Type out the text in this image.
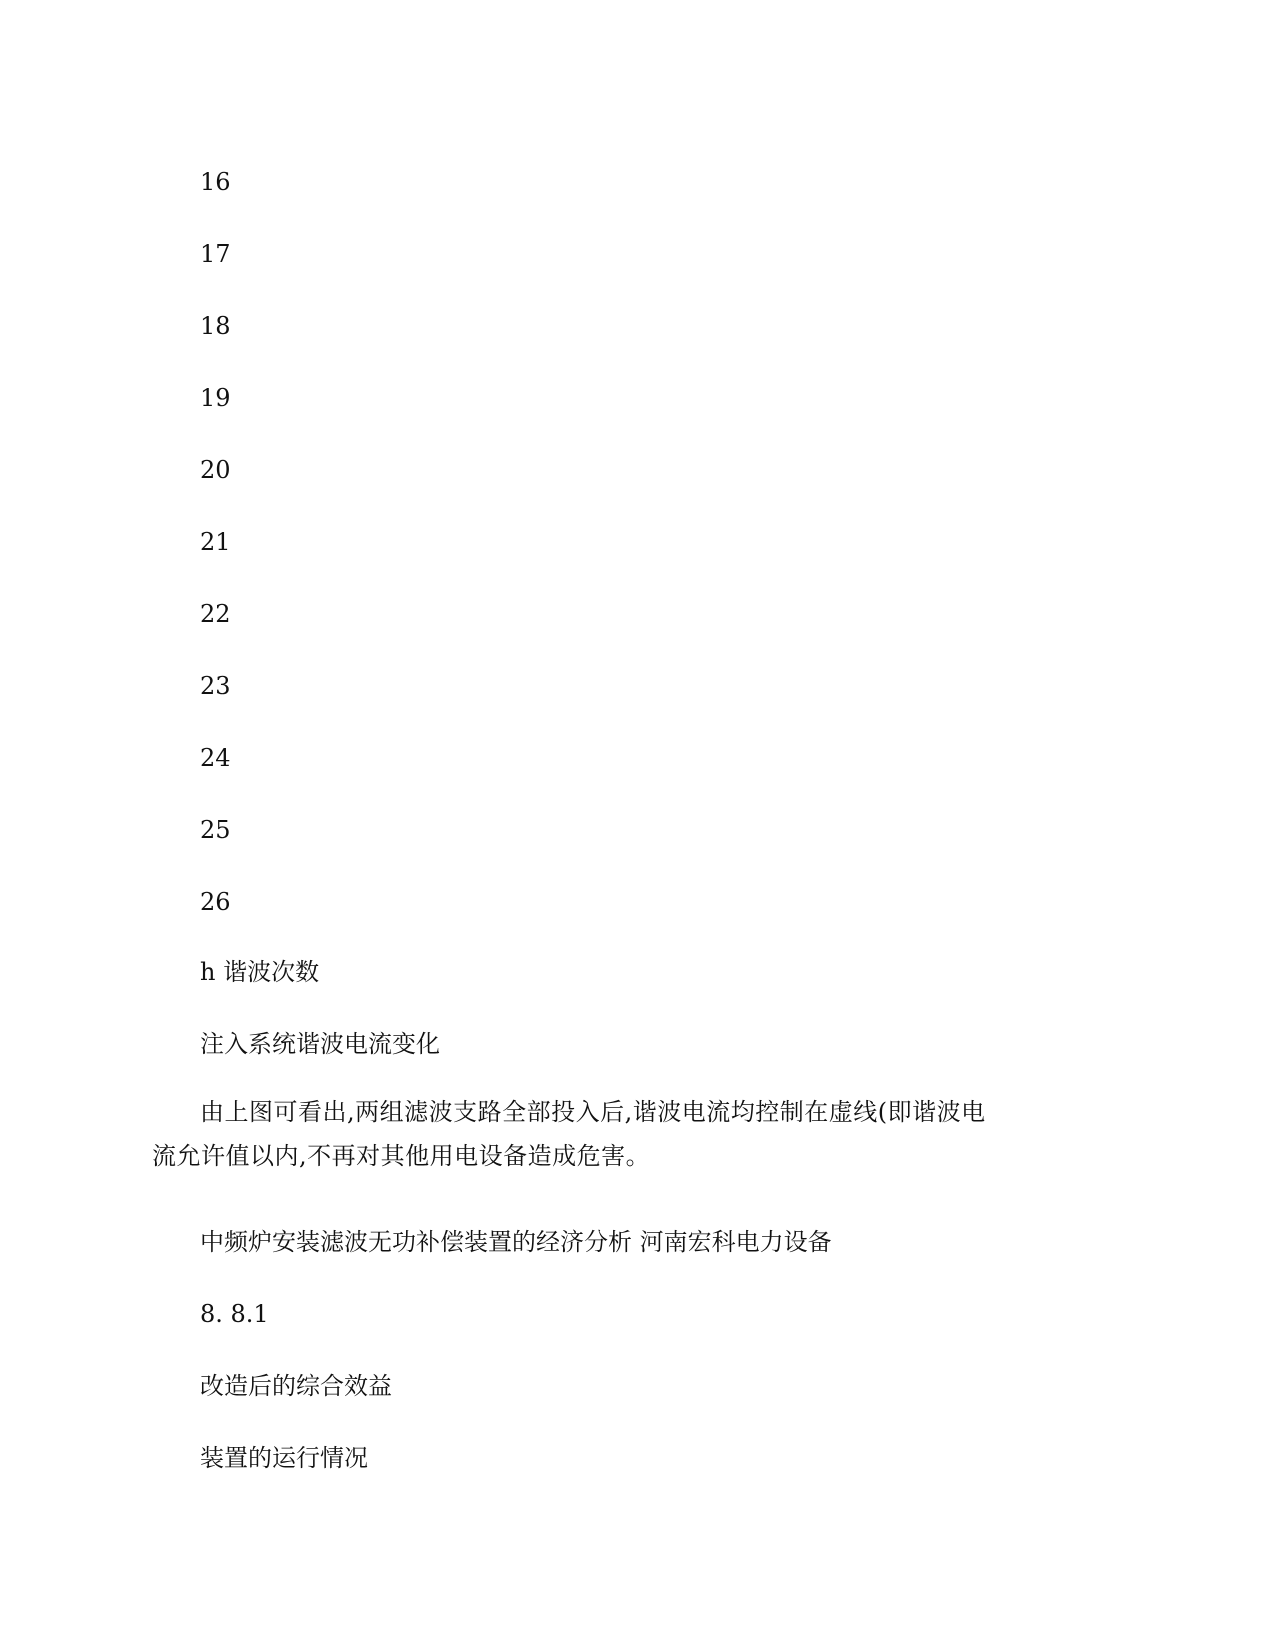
16
17
18
19
20
21
22
23
24
25
26
h 谐波次数
注入系统谐波电流变化

由上图可看出,两组滤波支路全部投入后,谐波电流均控制在虚线(即谐波电流允许值以内,不再对其他用电设备造成危害。

中频炉安装滤波无功补偿装置的经济分析 河南宏科电力设备
8. 8.1
改造后的综合效益
装置的运行情况
